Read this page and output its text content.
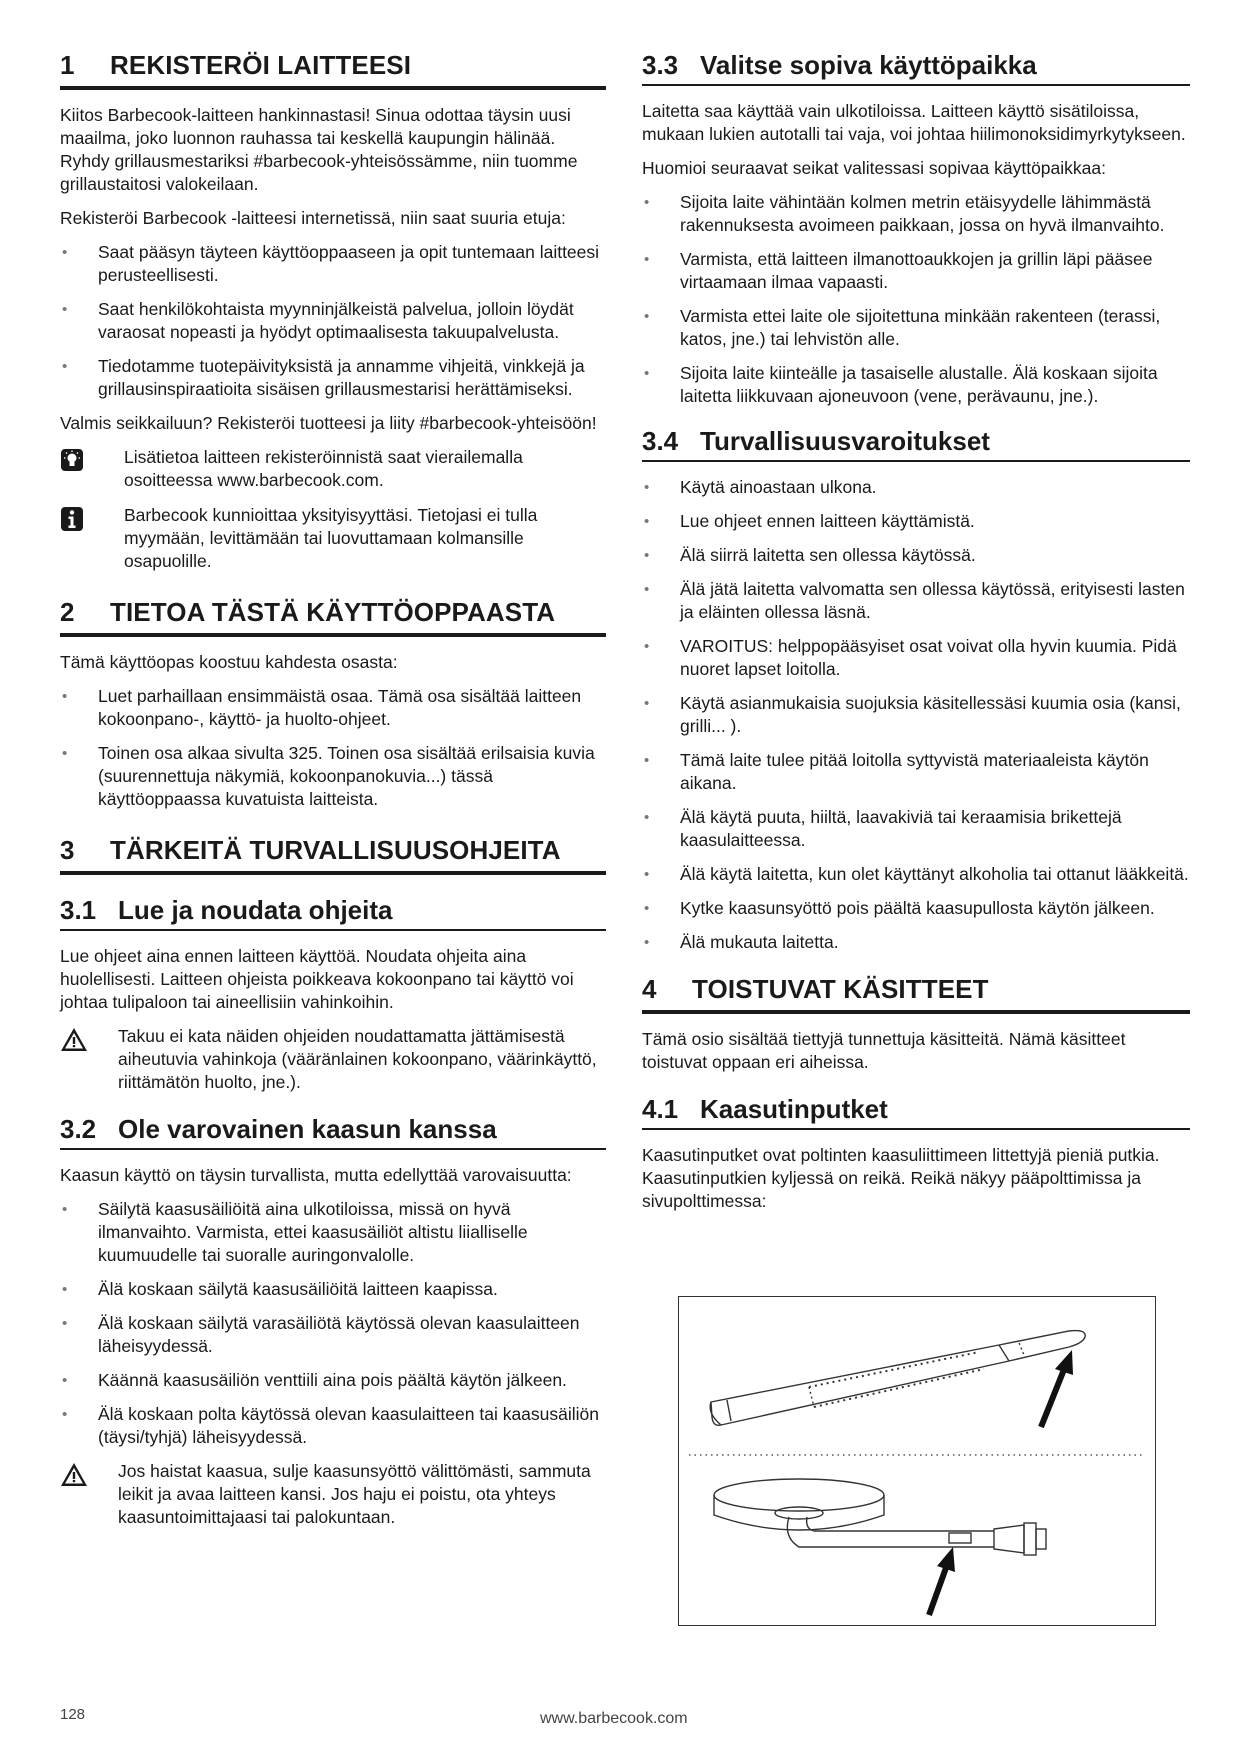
1 REKISTERÖI LAITTEESI

Kiitos Barbecook-laitteen hankinnastasi! Sinua odottaa täysin uusi maailma, joko luonnon rauhassa tai keskellä kaupungin hälinää. Ryhdy grillausmestariksi #barbecook-yhteisössämme, niin tuomme grillaustaitosi valokeilaan.

Rekisteröi Barbecook -laitteesi internetissä, niin saat suuria etuja:

• Saat pääsyn täyteen käyttöoppaaseen ja opit tuntemaan laitteesi perusteellisesti.
• Saat henkilökohtaista myynninjälkeistä palvelua, jolloin löydät varaosat nopeasti ja hyödyt optimaalisesta takuupalvelusta.
• Tiedotamme tuotepäivityksistä ja annamme vihjeitä, vinkkejä ja grillausinspiraatioita sisäisen grillausmestarisi herättämiseksi.

Valmis seikkailuun? Rekisteröi tuotteesi ja liity #barbecook-yhteisöön!

Lisätietoa laitteen rekisteröinnistä saat vierailemalla osoitteessa www.barbecook.com.
Barbecook kunnioittaa yksityisyyttäsi. Tietojasi ei tulla myymään, levittämään tai luovuttamaan kolmansille osapuolille.
2 TIETOA TÄSTÄ KÄYTTÖOPPAASTA

Tämä käyttöopas koostuu kahdesta osasta:

• Luet parhaillaan ensimmäistä osaa. Tämä osa sisältää laitteen kokoonpano-, käyttö- ja huolto-ohjeet.
• Toinen osa alkaa sivulta 325. Toinen osa sisältää erilsaisia kuvia (suurennettuja näkymiä, kokoonpanokuvia...) tässä käyttöoppaassa kuvatuista laitteista.
3 TÄRKEITÄ TURVALLISUUSOHJEITA
3.1 Lue ja noudata ohjeita

Lue ohjeet aina ennen laitteen käyttöä. Noudata ohjeita aina huolellisesti. Laitteen ohjeista poikkeava kokoonpano tai käyttö voi johtaa tulipaloon tai aineellisiin vahinkoihin.

Takuu ei kata näiden ohjeiden noudattamatta jättämisestä aiheutuvia vahinkoja (vääränlainen kokoonpano, väärinkäyttö, riittämätön huolto, jne.).
3.2 Ole varovainen kaasun kanssa

Kaasun käyttö on täysin turvallista, mutta edellyttää varovaisuutta:

• Säilytä kaasusäiliöitä aina ulkotiloissa, missä on hyvä ilmanvaihto. Varmista, ettei kaasusäiliöt altistu liialliselle kuumuudelle tai suoralle auringonvalolle.
• Älä koskaan säilytä kaasusäiliöitä laitteen kaapissa.
• Älä koskaan säilytä varasäiliötä käytössä olevan kaasulaitteen läheisyydessä.
• Käännä kaasusäiliön venttiili aina pois päältä käytön jälkeen.
• Älä koskaan polta käytössä olevan kaasulaitteen tai kaasusäiliön (täysi/tyhjä) läheisyydessä.
Jos haistat kaasua, sulje kaasunsyöttö välittömästi, sammuta leikit ja avaa laitteen kansi. Jos haju ei poistu, ota yhteys kaasuntoimittajaasi tai palokuntaan.
3.3 Valitse sopiva käyttöpaikka

Laitetta saa käyttää vain ulkotiloissa. Laitteen käyttö sisätiloissa, mukaan lukien autotalli tai vaja, voi johtaa hiilimonoksidimyrkytykseen.

Huomioi seuraavat seikat valitessasi sopivaa käyttöpaikkaa:

• Sijoita laite vähintään kolmen metrin etäisyydelle lähimmästä rakennuksesta avoimeen paikkaan, jossa on hyvä ilmanvaihto.
• Varmista, että laitteen ilmanottoaukkojen ja grillin läpi pääsee virtaamaan ilmaa vapaasti.
• Varmista ettei laite ole sijoitettuna minkään rakenteen (terassi, katos, jne.) tai lehvistön alle.
• Sijoita laite kiinteälle ja tasaiselle alustalle. Älä koskaan sijoita laitetta liikkuvaan ajoneuvoon (vene, perävaunu, jne.).
3.4 Turvallisuusvaroitukset
• Käytä ainoastaan ulkona.
• Lue ohjeet ennen laitteen käyttämistä.
• Älä siirrä laitetta sen ollessa käytössä.
• Älä jätä laitetta valvomatta sen ollessa käytössä, erityisesti lasten ja eläinten ollessa läsnä.
• VAROITUS: helppopääsyiset osat voivat olla hyvin kuumia. Pidä nuoret lapset loitolla.
• Käytä asianmukaisia suojuksia käsitellessäsi kuumia osia (kansi, grilli... ).
• Tämä laite tulee pitää loitolla syttyvistä materiaaleista käytön aikana.
• Älä käytä puuta, hiiltä, laavakiviä tai keraamisia brikettejä kaasulaitteessa.
• Älä käytä laitetta, kun olet käyttänyt alkoholia tai ottanut lääkkeitä.
• Kytke kaasunsyöttö pois päältä kaasupullosta käytön jälkeen.
• Älä mukauta laitetta.
4 TOISTUVAT KÄSITTEET

Tämä osio sisältää tiettyjä tunnettuja käsitteitä. Nämä käsitteet toistuvat oppaan eri aiheissa.

4.1 Kaasutinputket

Kaasutinputket ovat poltinten kaasuliittimeen littettyjä pieniä putkia. Kaasutinputkien kyljessä on reikä. Reikä näkyy pääpolttimissa ja sivupolttimessa:

128	www.barbecook.com
